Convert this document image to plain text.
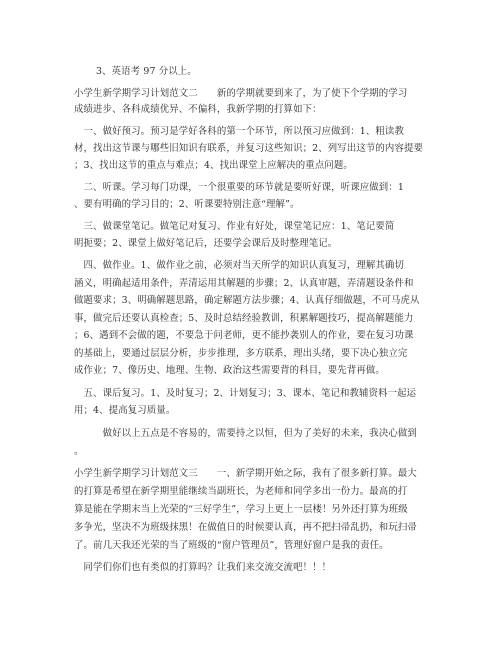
3、英语考 97 分以上。
小学生新学期学习计划范文二　　新的学期就要到来了，为了使下个学期的学习
成绩进步、各科成绩优异、不偏科，我新学期的打算如下：
　一、做好预习。预习是学好各科的第一个环节，所以预习应做到：1、粗读教
材，找出这节课与哪些旧知识有联系，并复习这些知识；2、列写出这节的内容提要
；3、找出这节的重点与难点；4、找出课堂上应解决的重点问题。
　二、听课。学习每门功课，一个很重要的环节就是要听好课，听课应做到：1
、要有明确的学习目的；2、听课要特别注意“理解”。
　三、做课堂笔记。做笔记对复习、作业有好处，课堂笔记应：1、笔记要简
明扼要；2、课堂上做好笔记后，还要学会课后及时整理笔记。
　四、做作业。1、做作业之前，必须对当天所学的知识认真复习，理解其确切
涵义，明确起适用条件，弄清运用其解题的步骤；2、认真审题，弄清题设条件和
做题要求；3、明确解题思路，确定解题方法步骤；4、认真仔细做题，不可马虎从
事，做完后还要认真检查；5、及时总结经验教训，积累解题技巧，提高解题能力
；6、遇到不会做的题，不要急于问老师，更不能抄袭别人的作业，要在复习功课
的基础上，要通过层层分析，步步推理，多方联系，理出头绪，要下决心独立完
成作业；7、像历史、地理、生物、政治这些需要背的科目，要先背再做。
　五、课后复习。1、及时复习；2、计划复习；3、课本、笔记和教辅资料一起运
用；4、提高复习质量。
　　　做好以上五点是不容易的，需要持之以恒，但为了美好的未来，我决心做到
。
小学生新学期学习计划范文三　　一、新学期开始之际，我有了很多新打算。最大
的打算是希望在新学期里能继续当副班长，为老师和同学多出一份力。最高的打
算是能在学期末当上光荣的“三好学生”，学习上更上一层楼！另外还打算为班级
多争光，坚决不为班级抹黑！在做值日的时候要认真，再不把扫帚乱扔，和玩扫帚
了。前几天我还光荣的当了班级的“窗户管理员”，管理好窗户是我的责任。
　同学们你们也有类似的打算吗？让我们来交流交流吧！！！
